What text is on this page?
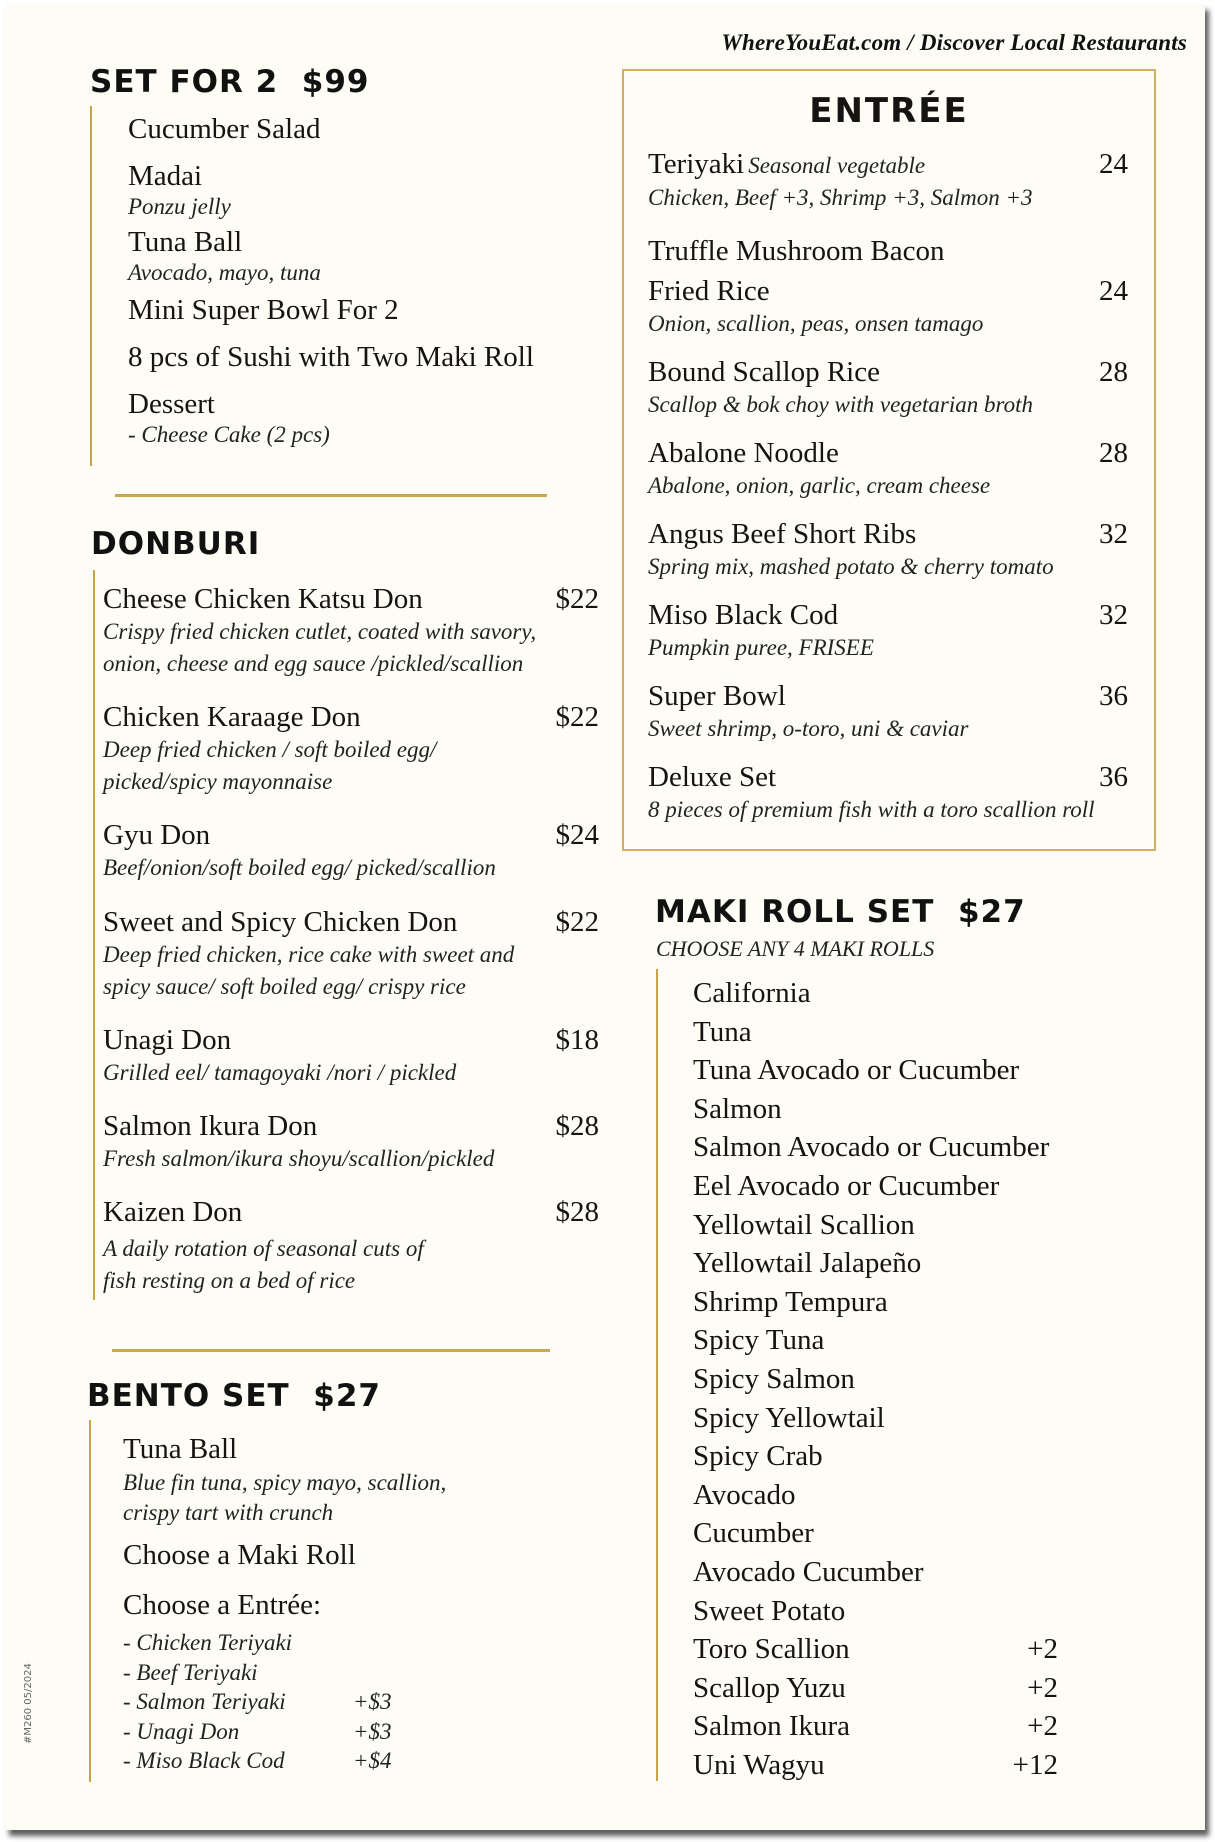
WhereYouEat.com / Discover Local Restaurants
SET FOR 2  $99
Cucumber Salad
Madai
Ponzu jelly
Tuna Ball
Avocado, mayo, tuna
Mini Super Bowl For 2
8 pcs of Sushi with Two Maki Roll
Dessert
- Cheese Cake (2 pcs)
DONBURI
Cheese Chicken Katsu Don	$22
Crispy fried chicken cutlet, coated with savory,
onion, cheese and egg sauce /pickled/scallion
Chicken Karaage Don	$22
Deep fried chicken / soft boiled egg/
picked/spicy mayonnaise
Gyu Don	$24
Beef/onion/soft boiled egg/ picked/scallion
Sweet and Spicy Chicken Don	$22
Deep fried chicken, rice cake with sweet and
spicy sauce/ soft boiled egg/ crispy rice
Unagi Don	$18
Grilled eel/ tamagoyaki /nori / pickled
Salmon Ikura Don	$28
Fresh salmon/ikura shoyu/scallion/pickled
Kaizen Don	$28
A daily rotation of seasonal cuts of
fish resting on a bed of rice
BENTO SET  $27
Tuna Ball
Blue fin tuna, spicy mayo, scallion,
crispy tart with crunch
Choose a Maki Roll
Choose a Entrée:
- Chicken Teriyaki
- Beef Teriyaki
- Salmon Teriyaki	+$3
- Unagi Don	+$3
- Miso Black Cod	+$4
ENTRÉE
Teriyaki Seasonal vegetable	24
Chicken, Beef +3, Shrimp +3, Salmon +3
Truffle Mushroom Bacon
Fried Rice	24
Onion, scallion, peas, onsen tamago
Bound Scallop Rice	28
Scallop & bok choy with vegetarian broth
Abalone Noodle	28
Abalone, onion, garlic, cream cheese
Angus Beef Short Ribs	32
Spring mix, mashed potato & cherry tomato
Miso Black Cod	32
Pumpkin puree, FRISEE
Super Bowl	36
Sweet shrimp, o-toro, uni & caviar
Deluxe Set	36
8 pieces of premium fish with a toro scallion roll
MAKI ROLL SET  $27
CHOOSE ANY 4 MAKI ROLLS
California
Tuna
Tuna Avocado or Cucumber
Salmon
Salmon Avocado or Cucumber
Eel Avocado or Cucumber
Yellowtail Scallion
Yellowtail Jalapeño
Shrimp Tempura
Spicy Tuna
Spicy Salmon
Spicy Yellowtail
Spicy Crab
Avocado
Cucumber
Avocado Cucumber
Sweet Potato
Toro Scallion	+2
Scallop Yuzu	+2
Salmon Ikura	+2
Uni Wagyu	+12
#M260 05/2024
